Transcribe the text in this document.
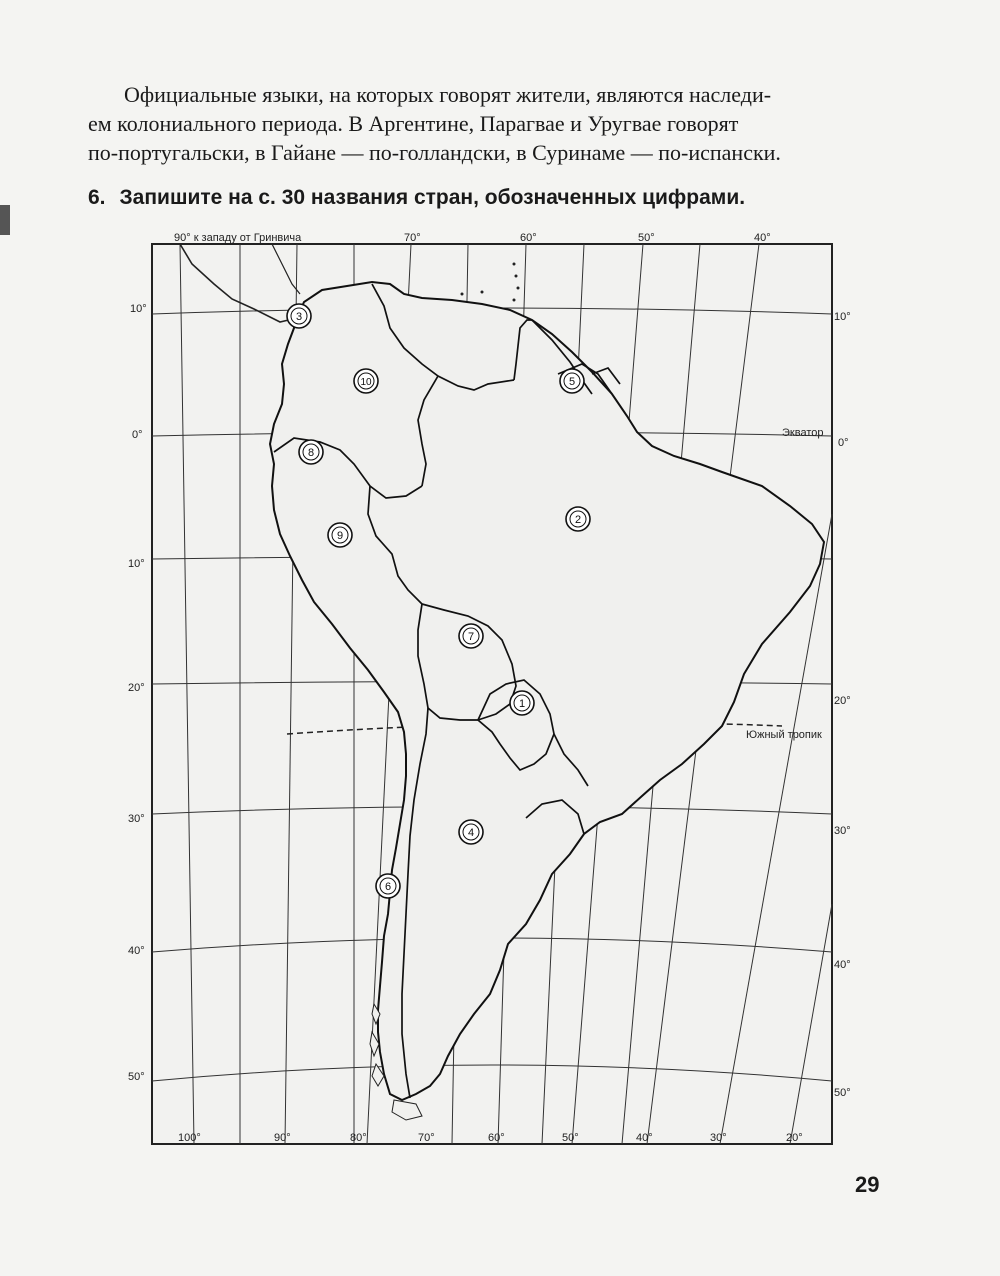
Официальные языки, на которых говорят жители, являются наследи-
ем колониального периода. В Аргентине, Парагвае и Уругвае говорят
по-португальски, в Гайане — по-голландски, в Суринаме — по-испански.
6. Запишите на с. 30 названия стран, обозначенных цифрами.
90° к западу от Гринвича	70°	60°	50°	40°
100°	90°	80°	70°	60°	50°	40°	30°	20°
10°
0°
10°
20°
30°
40°
50°
10°
0°
20°
30°
40°
50°
Экватор
Южный тропик
1
2
3
4
5
6
7
8
9
10
29
